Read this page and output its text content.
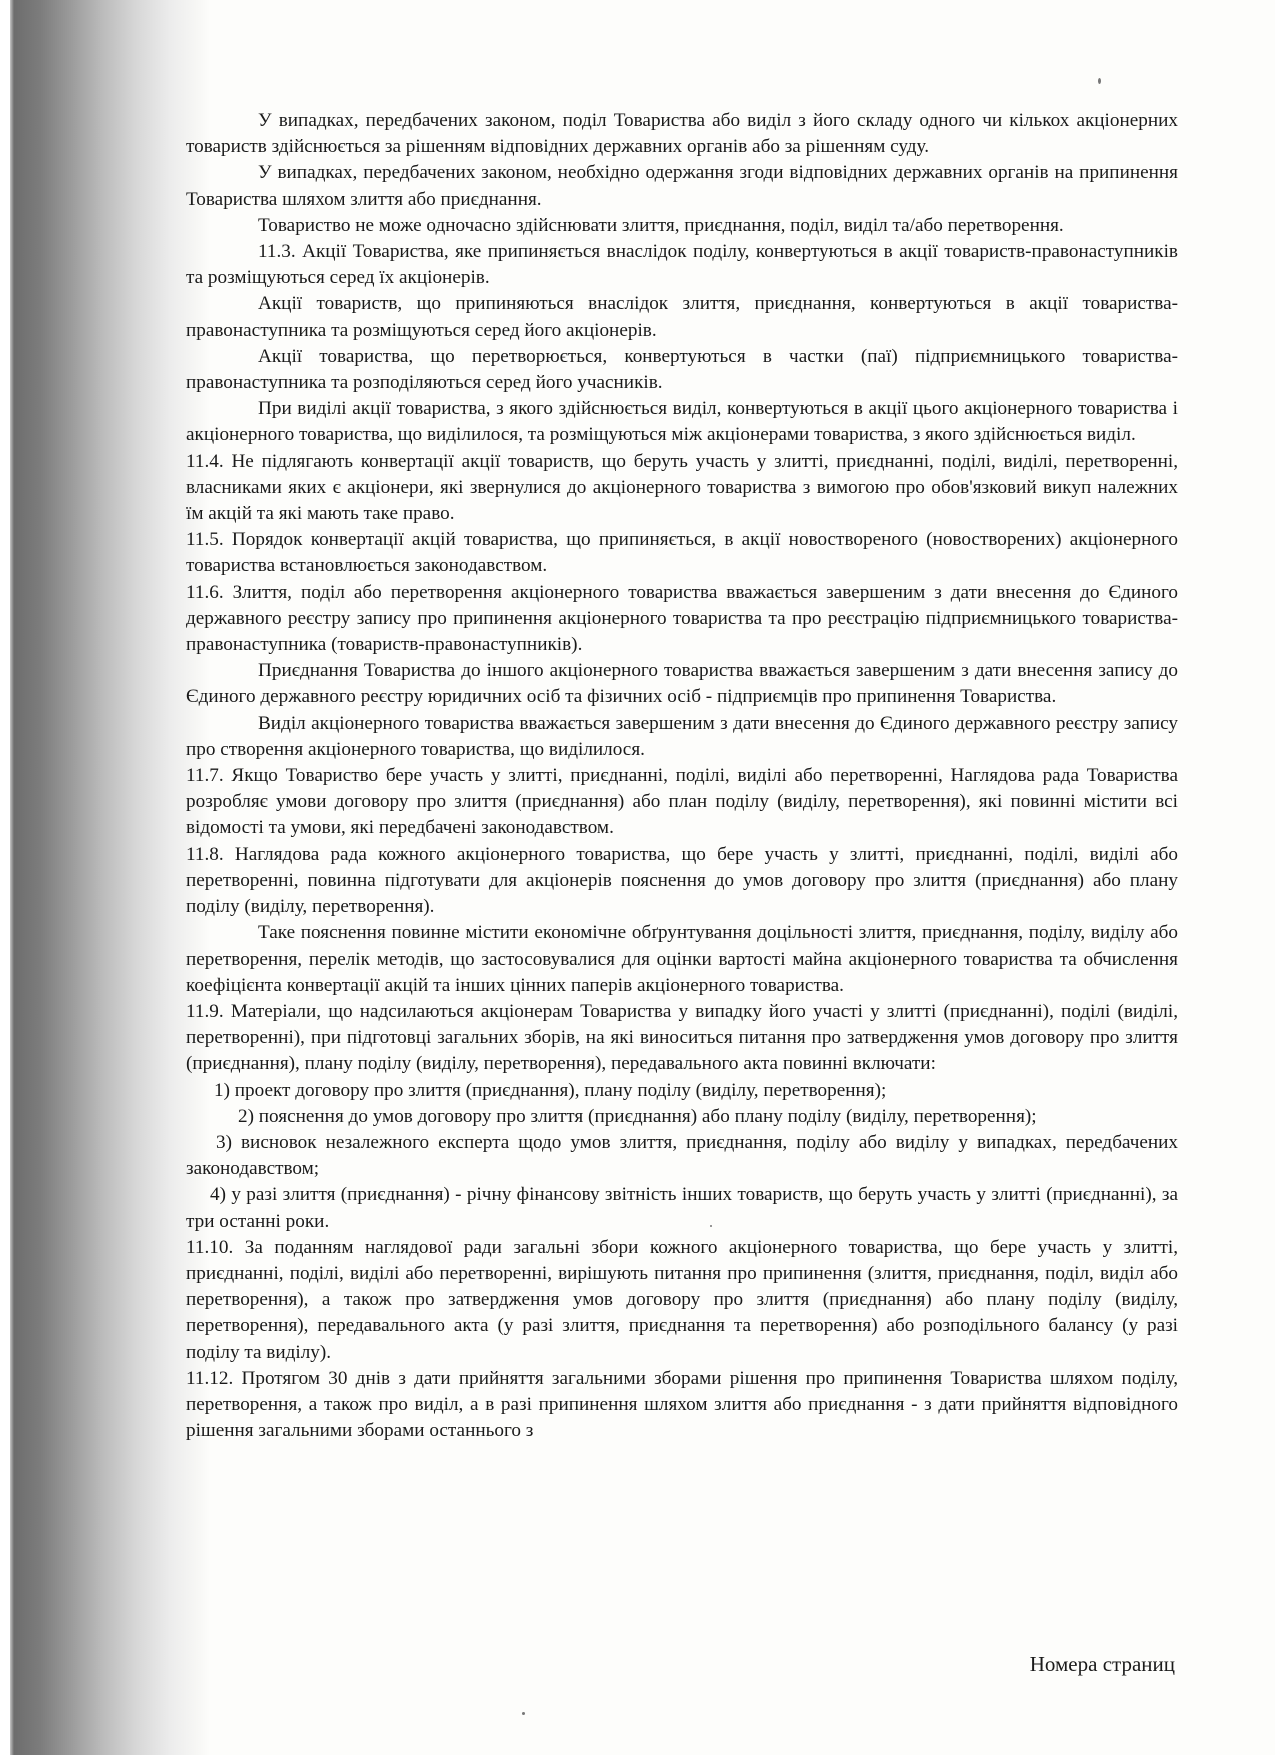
У випадках, передбачених законом, поділ Товариства або виділ з його складу одного чи кількох акціонерних товариств здійснюється за рішенням відповідних державних органів або за рішенням суду.

У випадках, передбачених законом, необхідно одержання згоди відповідних державних органів на припинення Товариства шляхом злиття або приєднання.

Товариство не може одночасно здійснювати злиття, приєднання, поділ, виділ та/або перетворення.

11.3. Акції Товариства, яке припиняється внаслідок поділу, конвертуються в акції товариств-правонаступників та розміщуються серед їх акціонерів.

Акції товариств, що припиняються внаслідок злиття, приєднання, конвертуються в акції товариства-правонаступника та розміщуються серед його акціонерів.

Акції товариства, що перетворюється, конвертуються в частки (паї) підприємницького товариства-правонаступника та розподіляються серед його учасників.

При виділі акції товариства, з якого здійснюється виділ, конвертуються в акції цього акціонерного товариства і акціонерного товариства, що виділилося, та розміщуються між акціонерами товариства, з якого здійснюється виділ.

11.4. Не підлягають конвертації акції товариств, що беруть участь у злитті, приєднанні, поділі, виділі, перетворенні, власниками яких є акціонери, які звернулися до акціонерного товариства з вимогою про обов'язковий викуп належних їм акцій та які мають таке право.

11.5. Порядок конвертації акцій товариства, що припиняється, в акції новоствореного (новостворених) акціонерного товариства встановлюється законодавством.

11.6. Злиття, поділ або перетворення акціонерного товариства вважається завершеним з дати внесення до Єдиного державного реєстру запису про припинення акціонерного товариства та про реєстрацію підприємницького товариства-правонаступника (товариств-правонаступників).

Приєднання Товариства до іншого акціонерного товариства вважається завершеним з дати внесення запису до Єдиного державного реєстру юридичних осіб та фізичних осіб - підприємців про припинення Товариства.

Виділ акціонерного товариства вважається завершеним з дати внесення до Єдиного державного реєстру запису про створення акціонерного товариства, що виділилося.

11.7. Якщо Товариство бере участь у злитті, приєднанні, поділі, виділі або перетворенні, Наглядова рада Товариства розробляє умови договору про злиття (приєднання) або план поділу (виділу, перетворення), які повинні містити всі відомості та умови, які передбачені законодавством.

11.8. Наглядова рада кожного акціонерного товариства, що бере участь у злитті, приєднанні, поділі, виділі або перетворенні, повинна підготувати для акціонерів пояснення до умов договору про злиття (приєднання) або плану поділу (виділу, перетворення).

Таке пояснення повинне містити економічне обґрунтування доцільності злиття, приєднання, поділу, виділу або перетворення, перелік методів, що застосовувалися для оцінки вартості майна акціонерного товариства та обчислення коефіцієнта конвертації акцій та інших цінних паперів акціонерного товариства.

11.9. Матеріали, що надсилаються акціонерам Товариства у випадку його участі у злитті (приєднанні), поділі (виділі, перетворенні), при підготовці загальних зборів, на які виноситься питання про затвердження умов договору про злиття (приєднання), плану поділу (виділу, перетворення), передавального акта повинні включати:

1) проект договору про злиття (приєднання), плану поділу (виділу, перетворення);

2) пояснення до умов договору про злиття (приєднання) або плану поділу (виділу, перетворення);

3) висновок незалежного експерта щодо умов злиття, приєднання, поділу або виділу у випадках, передбачених законодавством;

4) у разі злиття (приєднання) - річну фінансову звітність інших товариств, що беруть участь у злитті (приєднанні), за три останні роки.

11.10. За поданням наглядової ради загальні збори кожного акціонерного товариства, що бере участь у злитті, приєднанні, поділі, виділі або перетворенні, вирішують питання про припинення (злиття, приєднання, поділ, виділ або перетворення), а також про затвердження умов договору про злиття (приєднання) або плану поділу (виділу, перетворення), передавального акта (у разі злиття, приєднання та перетворення) або розподільного балансу (у разі поділу та виділу).

11.12. Протягом 30 днів з дати прийняття загальними зборами рішення про припинення Товариства шляхом поділу, перетворення, а також про виділ, а в разі припинення шляхом злиття або приєднання - з дати прийняття відповідного рішення загальними зборами останнього з

Номера страниц
